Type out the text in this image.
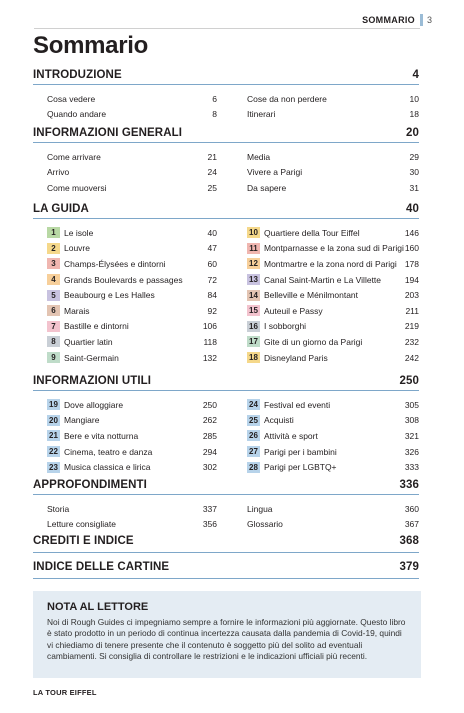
SOMMARIO 3
Sommario
INTRODUZIONE	4
Cosa vedere	6
Quando andare	8
Cose da non perdere	10
Itinerari	18
INFORMAZIONI GENERALI	20
Come arrivare	21
Arrivo	24
Come muoversi	25
Media	29
Vivere a Parigi	30
Da sapere	31
LA GUIDA	40
1 Le isole	40
2 Louvre	47
3 Champs-Élysées e dintorni	60
4 Grands Boulevards e passages	72
5 Beaubourg e Les Halles	84
6 Marais	92
7 Bastille e dintorni	106
8 Quartier latin	118
9 Saint-Germain	132
10 Quartiere della Tour Eiffel	146
11 Montparnasse e la zona sud di Parigi 160
12 Montmartre e la zona nord di Parigi 178
13 Canal Saint-Martin e La Villette	194
14 Belleville e Ménilmontant	203
15 Auteuil e Passy	211
16 I sobborghi	219
17 Gite di un giorno da Parigi	232
18 Disneyland Paris	242
INFORMAZIONI UTILI	250
19 Dove alloggiare	250
20 Mangiare	262
21 Bere e vita notturna	285
22 Cinema, teatro e danza	294
23 Musica classica e lirica	302
24 Festival ed eventi	305
25 Acquisti	308
26 Attività e sport	321
27 Parigi per i bambini	326
28 Parigi per LGBTQ+	333
APPROFONDIMENTI	336
Storia	337
Letture consigliate	356
Lingua	360
Glossario	367
CREDITI E INDICE	368
INDICE DELLE CARTINE	379
NOTA AL LETTORE
Noi di Rough Guides ci impegniamo sempre a fornire le informazioni più aggiornate. Questo libro è stato prodotto in un periodo di continua incertezza causata dalla pandemia di Covid-19, quindi vi chiediamo di tenere presente che il contenuto è soggetto più del solito ad eventuali cambiamenti. Si consiglia di controllare le restrizioni e le indicazioni ufficiali più recenti.
LA TOUR EIFFEL
